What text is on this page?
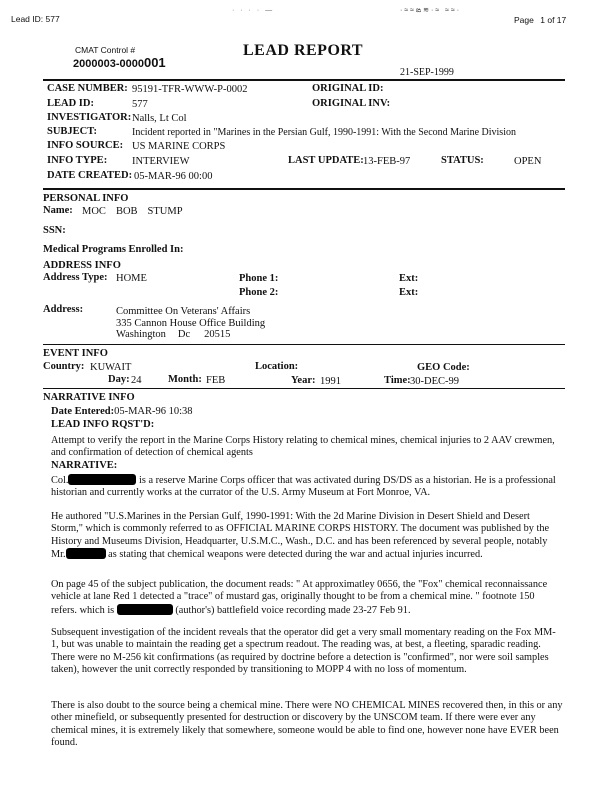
· · · · —	·≈≈ఙ≋·≈ ≈≈·
Lead ID: 577	Page 1 of 17
CMAT Control #
2000003-0000001
LEAD REPORT
21-SEP-1999
CASE NUMBER: 95191-TFR-WWW-P-0002	ORIGINAL ID:
LEAD ID:	577	ORIGINAL INV:
INVESTIGATOR: Nalls, Lt Col
SUBJECT:	Incident reported in "Marines in the Persian Gulf, 1990-1991: With the Second Marine Division
INFO SOURCE: US MARINE CORPS
INFO TYPE: INTERVIEW	LAST UPDATE: 13-FEB-97	STATUS:	OPEN
DATE CREATED: 05-MAR-96 00:00
PERSONAL INFO
Name: MOC BOB STUMP
SSN:
Medical Programs Enrolled In:
ADDRESS INFO
Address Type: HOME	Phone 1:	Ext:
Phone 2:	Ext:
Address:	Committee On Veterans' Affairs
335 Cannon House Office Building
Washington Dc 20515
EVENT INFO
Country: KUWAIT	Location:	GEO Code:
Day: 24	Month: FEB	Year: 1991	Time: 30-DEC-99
NARRATIVE INFO
Date Entered:05-MAR-96 10:38
LEAD INFO RQST'D:
Attempt to verify the report in the Marine Corps History relating to chemical mines, chemical injuries to 2 AAV crewmen, and confirmation of detection of chemical agents
NARRATIVE:
Col.	is a reserve Marine Corps officer that was activated during DS/DS as a historian. He is a professional historian and currently works at the currator of the U.S. Army Museum at Fort Monroe, VA.
He authored "U.S.Marines in the Persian Gulf, 1990-1991: With the 2d Marine Division in Desert Shield and Desert Storm," which is commonly referred to as OFFICIAL MARINE CORPS HISTORY. The document was published by the History and Museums Division, Headquarter, U.S.M.C., Wash., D.C. and has been referenced by several people, notably Mr.	as stating that chemical weapons were detected during the war and actual injuries incurred.
On page 45 of the subject publication, the document reads: " At approximatley 0656, the "Fox" chemical reconnaissance vehicle at lane Red 1 detected a "trace" of mustard gas, originally thought to be from a chemical mine. " footnote 150 refers. which is	(author's) battlefield voice recording made 23-27 Feb 91.
Subsequent investigation of the incident reveals that the operator did get a very small momentary reading on the Fox MM-1, but was unable to maintain the reading get a spectrum readout. The reading was, at best, a fleeting, sparadic reading. There were no M-256 kit confirmations (as required by doctrine before a detection is "confirmed", nor were soil samples taken), however the unit correctly responded by transitioning to MOPP 4 with no loss of momentum.
There is also doubt to the source being a chemical mine. There were NO CHEMICAL MINES recovered then, in this or any other minefield, or subsequently presented for destruction or discovery by the UNSCOM team. If there were ever any chemical mines, it is extremely likely that somewhere, someone would be able to find one, however none have EVER been found.
